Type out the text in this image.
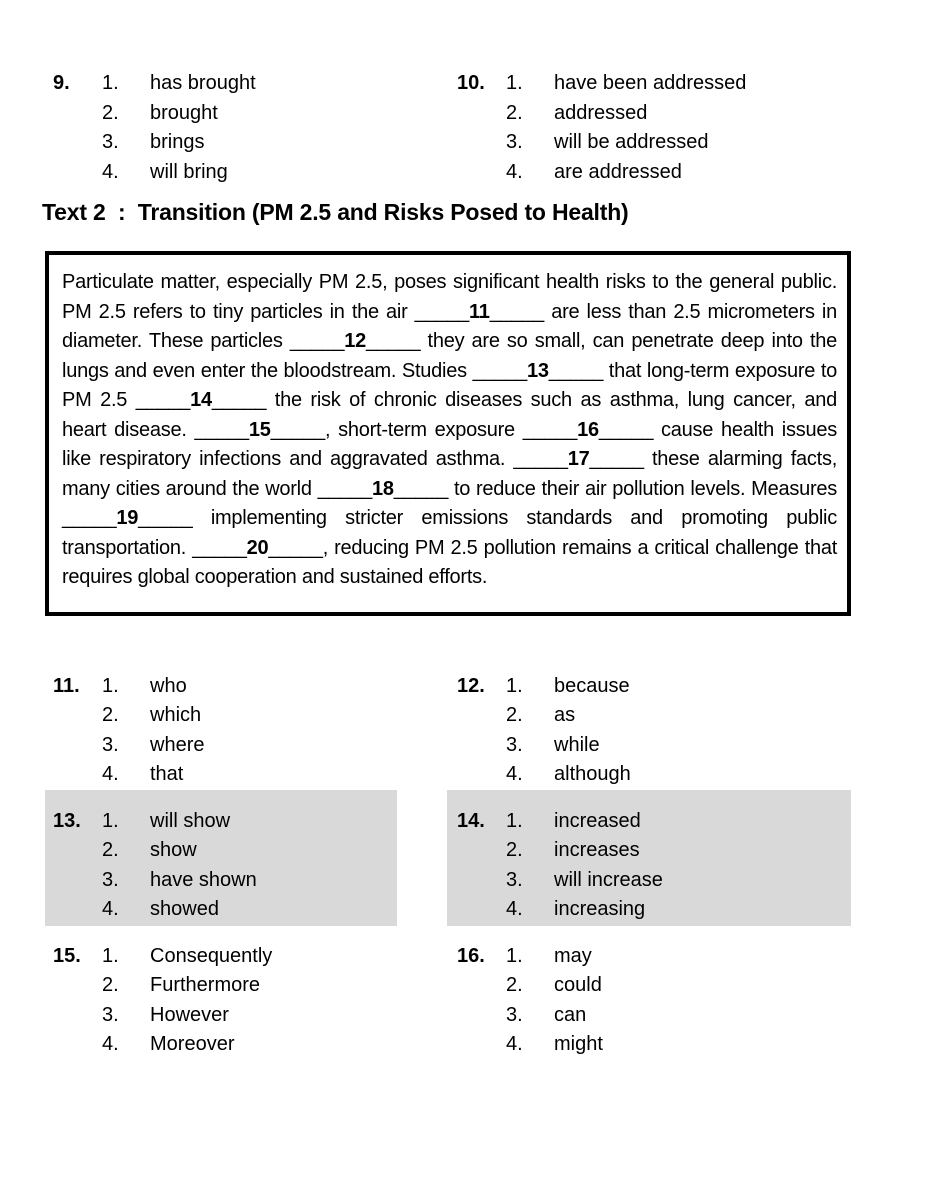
9.	1.	has brought
2.	brought
3.	brings
4.	will bring
10.	1.	have been addressed
2.	addressed
3.	will be addressed
4.	are addressed
Text 2  :  Transition (PM 2.5 and Risks Posed to Health)

Particulate matter, especially PM 2.5, poses significant health risks to the general public. PM 2.5 refers to tiny particles in the air _____11_____ are less than 2.5 micrometers in diameter. These particles _____12_____ they are so small, can penetrate deep into the lungs and even enter the bloodstream. Studies _____13_____ that long-term exposure to PM 2.5 _____14_____ the risk of chronic diseases such as asthma, lung cancer, and heart disease. _____15_____, short-term exposure _____16_____ cause health issues like respiratory infections and aggravated asthma. _____17_____ these alarming facts, many cities around the world _____18_____ to reduce their air pollution levels. Measures _____19_____ implementing stricter emissions standards and promoting public transportation. _____20_____, reducing PM 2.5 pollution remains a critical challenge that requires global cooperation and sustained efforts.

11.	1.	who
2.	which
3.	where
4.	that
12.	1.	because
2.	as
3.	while
4.	although
13.	1.	will show
2.	show
3.	have shown
4.	showed
14.	1.	increased
2.	increases
3.	will increase
4.	increasing
15.	1.	Consequently
2.	Furthermore
3.	However
4.	Moreover
16.	1.	may
2.	could
3.	can
4.	might
